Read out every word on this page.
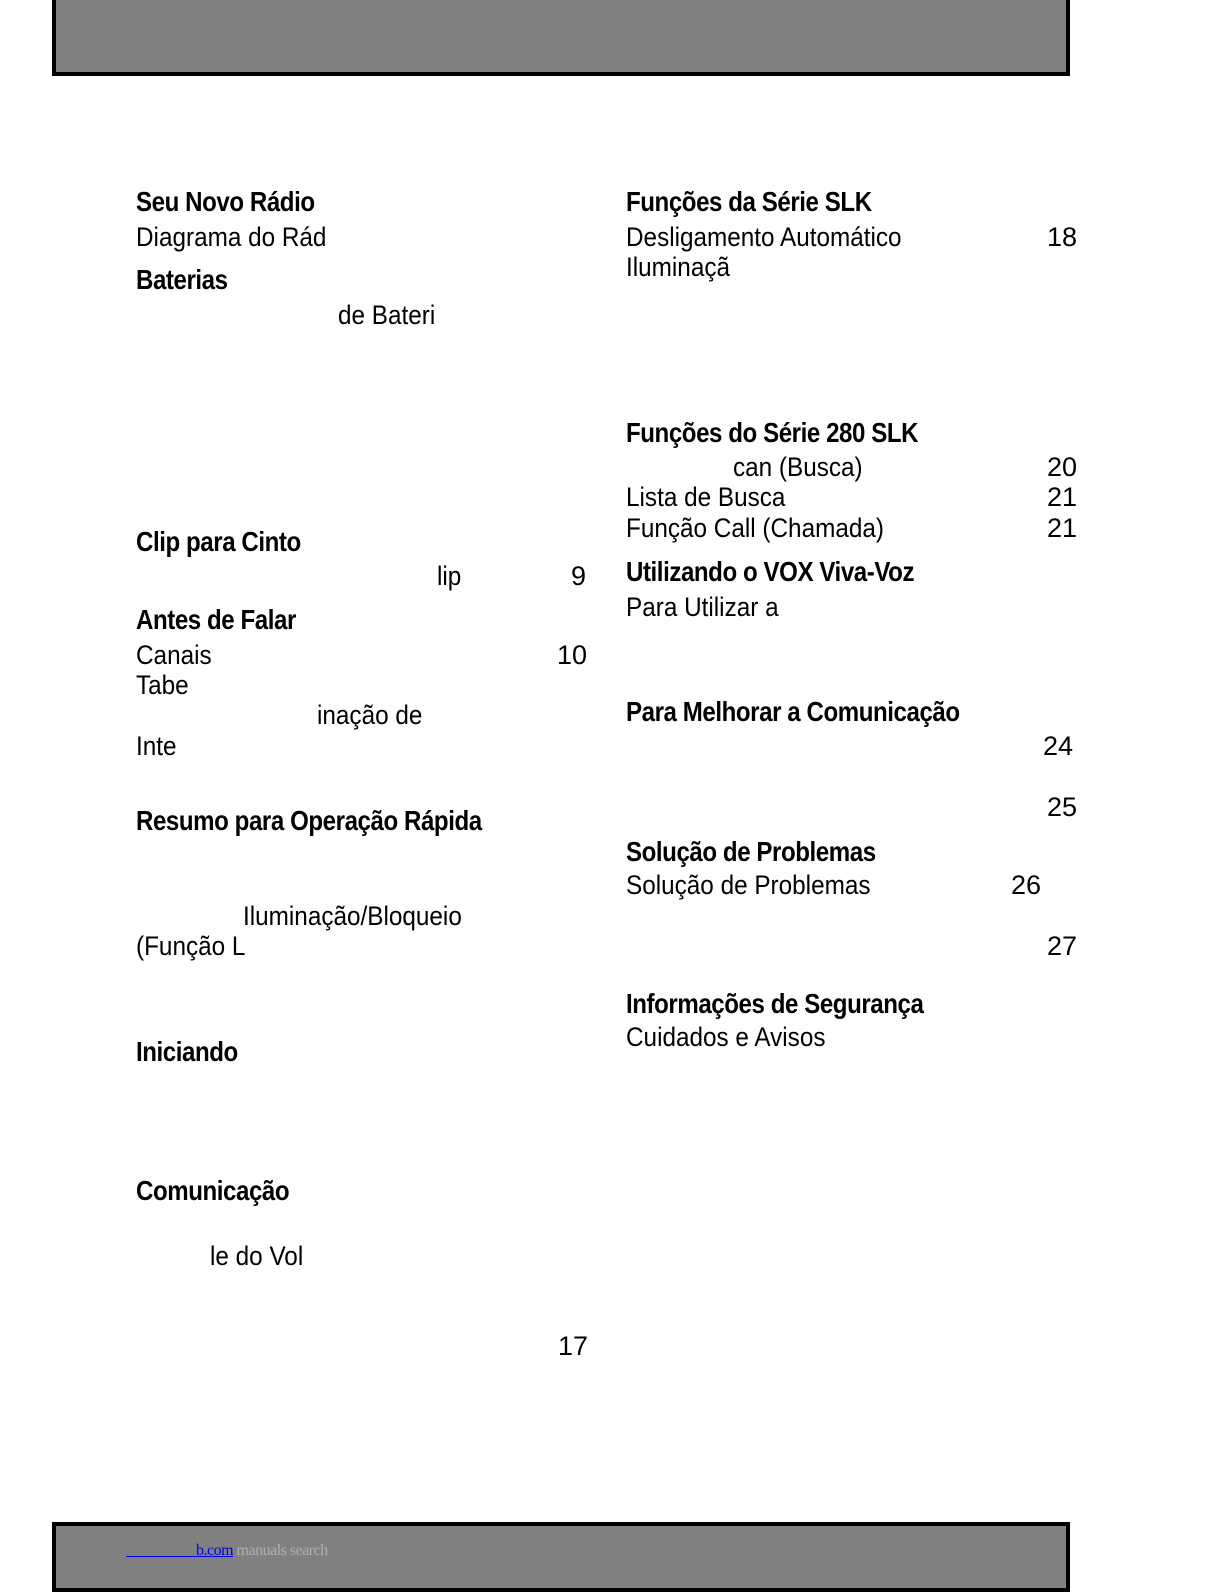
Seu Novo Rádio
Diagrama do Rád
Baterias
de Bateri
Clip para Cinto
lip	9
Antes de Falar
Canais	10
Tabe
inação de
Inte
Resumo para Operação Rápida
Iluminação/Bloqueio
(Função L
Iniciando
Comunicação
le do Vol
Funções da Série SLK
Desligamento Automático	18
Iluminaçã
Funções do Série 280 SLK
can (Busca)	20
Lista de Busca	21
Função Call (Chamada)	21
Utilizando o VOX Viva-Voz
Para Utilizar a
Para Melhorar a Comunicação
24
25
Solução de Problemas
Solução de Problemas	26
27
Informações de Segurança
Cuidados e Avisos
17
b.com manuals search
